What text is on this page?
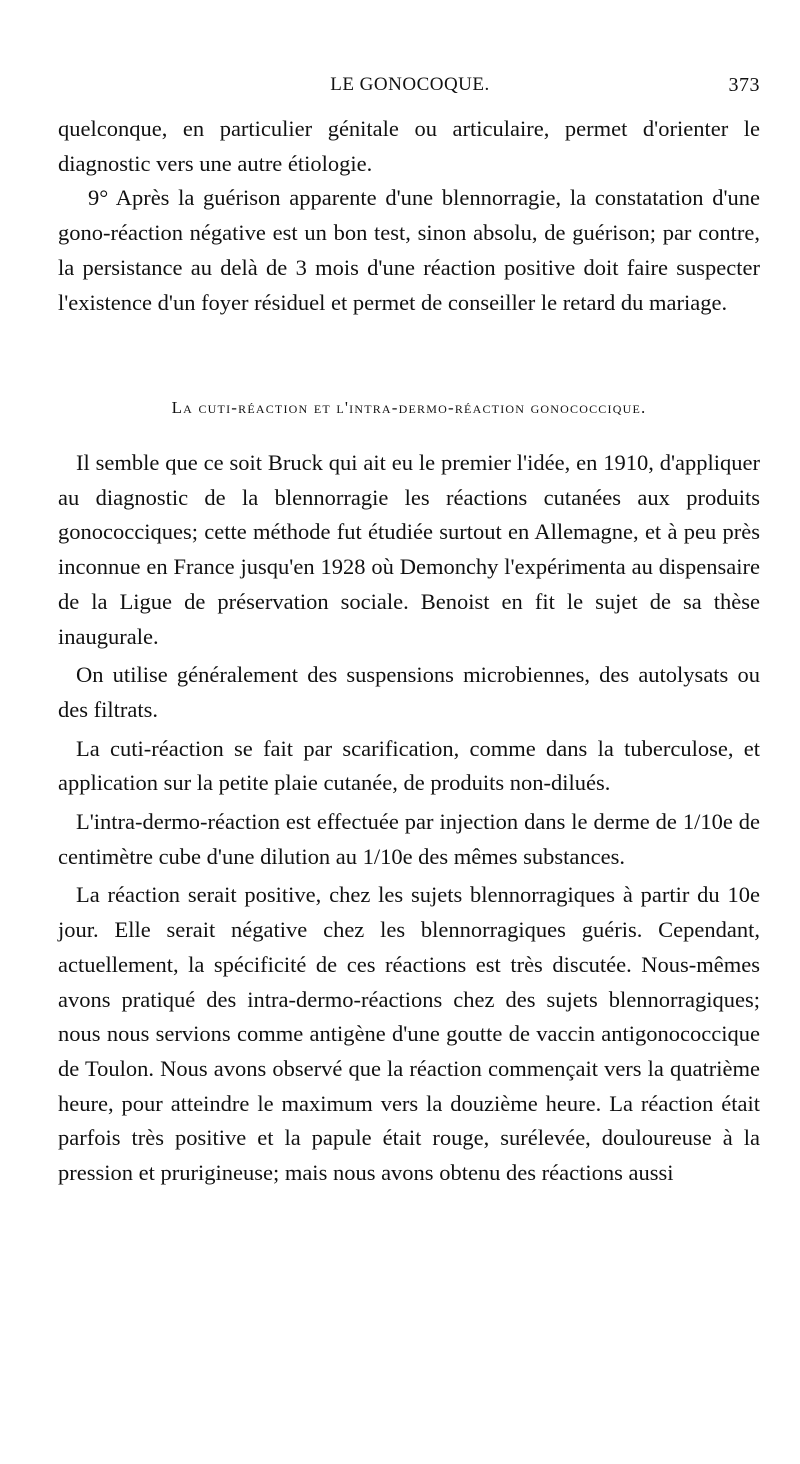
LE GONOCOQUE.	373

quelconque, en particulier génitale ou articulaire, permet d'orienter le diagnostic vers une autre étiologie.

9° Après la guérison apparente d'une blennorragie, la constatation d'une gono-réaction négative est un bon test, sinon absolu, de guérison; par contre, la persistance au delà de 3 mois d'une réaction positive doit faire suspecter l'existence d'un foyer résiduel et permet de conseiller le retard du mariage.

La cuti-réaction et l'intra-dermo-réaction gonococcique.

Il semble que ce soit Bruck qui ait eu le premier l'idée, en 1910, d'appliquer au diagnostic de la blennorragie les réactions cutanées aux produits gonococciques; cette méthode fut étudiée surtout en Allemagne, et à peu près inconnue en France jusqu'en 1928 où Demonchy l'expérimenta au dispensaire de la Ligue de préservation sociale. Benoist en fit le sujet de sa thèse inaugurale.

On utilise généralement des suspensions microbiennes, des autolysats ou des filtrats.

La cuti-réaction se fait par scarification, comme dans la tuberculose, et application sur la petite plaie cutanée, de produits non-dilués.

L'intra-dermo-réaction est effectuée par injection dans le derme de 1/10e de centimètre cube d'une dilution au 1/10e des mêmes substances.

La réaction serait positive, chez les sujets blennorragiques à partir du 10e jour. Elle serait négative chez les blennorragiques guéris. Cependant, actuellement, la spécificité de ces réactions est très discutée. Nous-mêmes avons pratiqué des intra-dermo-réactions chez des sujets blennorragiques; nous nous servions comme antigène d'une goutte de vaccin antigonococcique de Toulon. Nous avons observé que la réaction commençait vers la quatrième heure, pour atteindre le maximum vers la douzième heure. La réaction était parfois très positive et la papule était rouge, surélevée, douloureuse à la pression et prurigineuse; mais nous avons obtenu des réactions aussi
